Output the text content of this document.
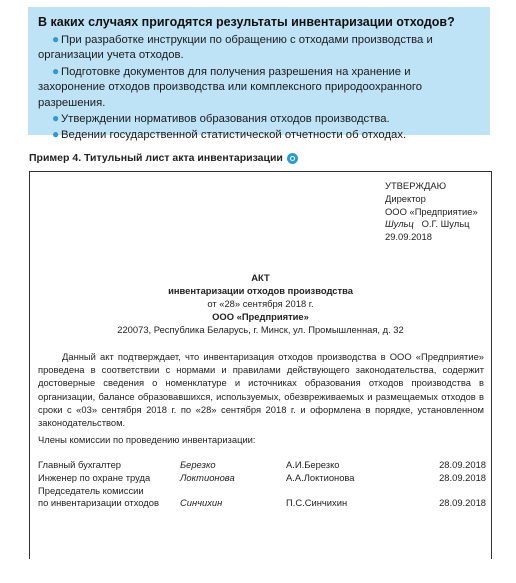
В каких случаях пригодятся результаты инвентаризации отходов?
● При разработке инструкции по обращению с отходами производства и организации учета отходов.
● Подготовке документов для получения разрешения на хранение и захоронение отходов производства или комплексного природоохранного разрешения.
● Утверждении нормативов образования отходов производства.
● Ведении государственной статистической отчетности об отходах.
Пример 4. Титульный лист акта инвентаризации
УТВЕРЖДАЮ
Директор
ООО «Предприятие»
Шульц О.Г. Шульц
29.09.2018
АКТ
инвентаризации отходов производства
от «28» сентября 2018 г.
ООО «Предприятие»
220073, Республика Беларусь, г. Минск, ул. Промышленная, д. 32
Данный акт подтверждает, что инвентаризация отходов производства в ООО «Предприятие» проведена в соответствии с нормами и правилами действующего законодательства, содержит достоверные сведения о номенклатуре и источниках образования отходов производства в организации, балансе образовавшихся, используемых, обезвреживаемых и размещаемых отходов в сроки с «03» сентября 2018 г. по «28» сентября 2018 г. и оформлена в порядке, установленном законодательством.
Члены комиссии по проведению инвентаризации:
Главный бухгалтер	Березко	А.И.Березко	28.09.2018
Инженер по охране труда	Локтионова	А.А.Локтионова	28.09.2018
Председатель комиссии			
по инвентаризации отходов	Синчихин	П.С.Синчихин	28.09.2018
